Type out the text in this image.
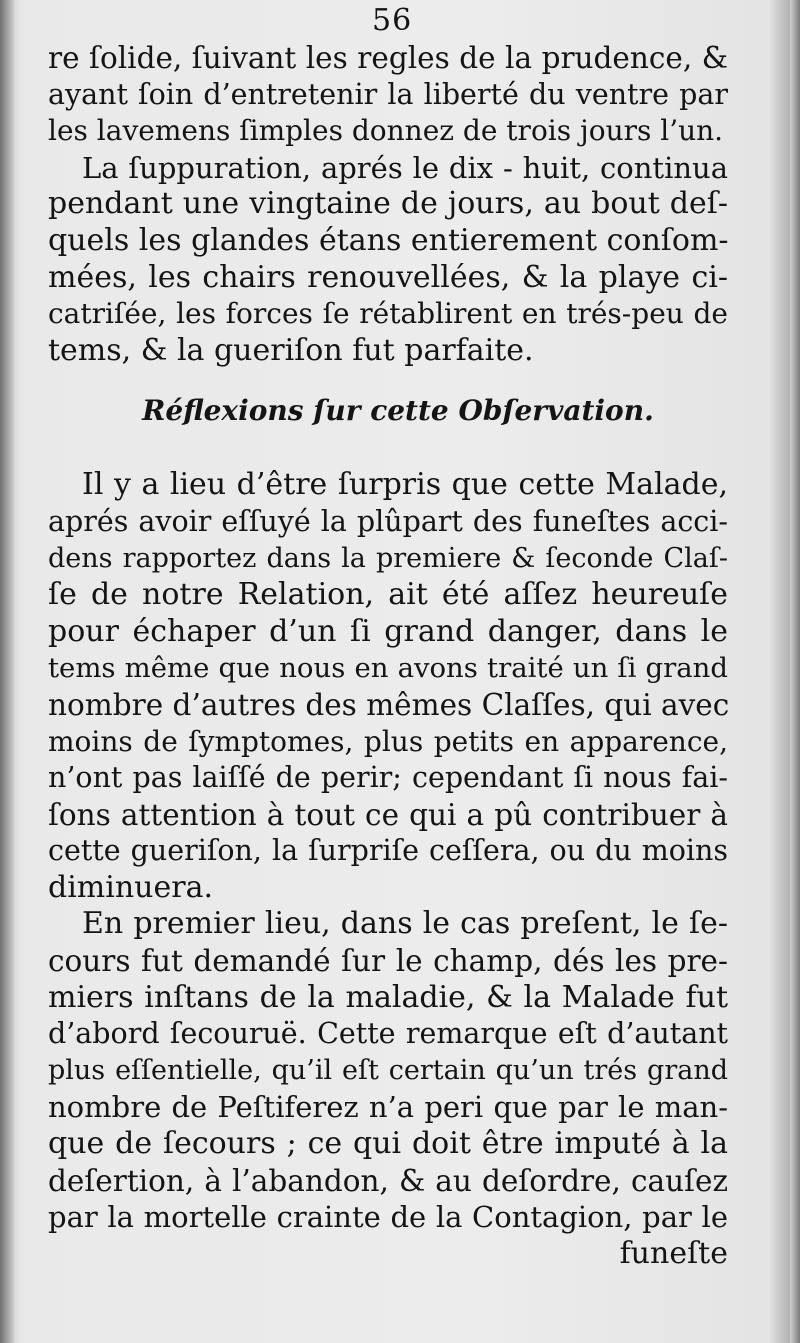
56
re ſolide, ſuivant les regles de la prudence, &
ayant ſoin d’entretenir la liberté du ventre par
les lavemens ſimples donnez de trois jours l’un.
La ſuppuration, aprés le dix - huit, continua
pendant une vingtaine de jours, au bout deſ-
quels les glandes étans entierement conſom-
mées, les chairs renouvellées, & la playe ci-
catriſée, les forces ſe rétablirent en trés-peu de
tems, & la gueriſon fut parfaite.
Réflexions ſur cette Obſervation.
Il y a lieu d’être ſurpris que cette Malade,
aprés avoir eſſuyé la plûpart des funeſtes acci-
dens rapportez dans la premiere & ſeconde Claſ-
ſe de notre Relation, ait été aſſez heureuſe
pour échaper d’un ſi grand danger, dans le
tems même que nous en avons traité un ſi grand
nombre d’autres des mêmes Claſſes, qui avec
moins de ſymptomes, plus petits en apparence,
n’ont pas laiſſé de perir; cependant ſi nous fai-
ſons attention à tout ce qui a pû contribuer à
cette gueriſon, la ſurpriſe ceſſera, ou du moins
diminuera.
En premier lieu, dans le cas preſent, le ſe-
cours fut demandé ſur le champ, dés les pre-
miers inſtans de la maladie, & la Malade fut
d’abord ſecouruë. Cette remarque eſt d’autant
plus eſſentielle, qu’il eſt certain qu’un trés grand
nombre de Peſtiferez n’a peri que par le man-
que de ſecours ; ce qui doit être imputé à la
deſertion, à l’abandon, & au deſordre, cauſez
par la mortelle crainte de la Contagion, par le
funeſte
